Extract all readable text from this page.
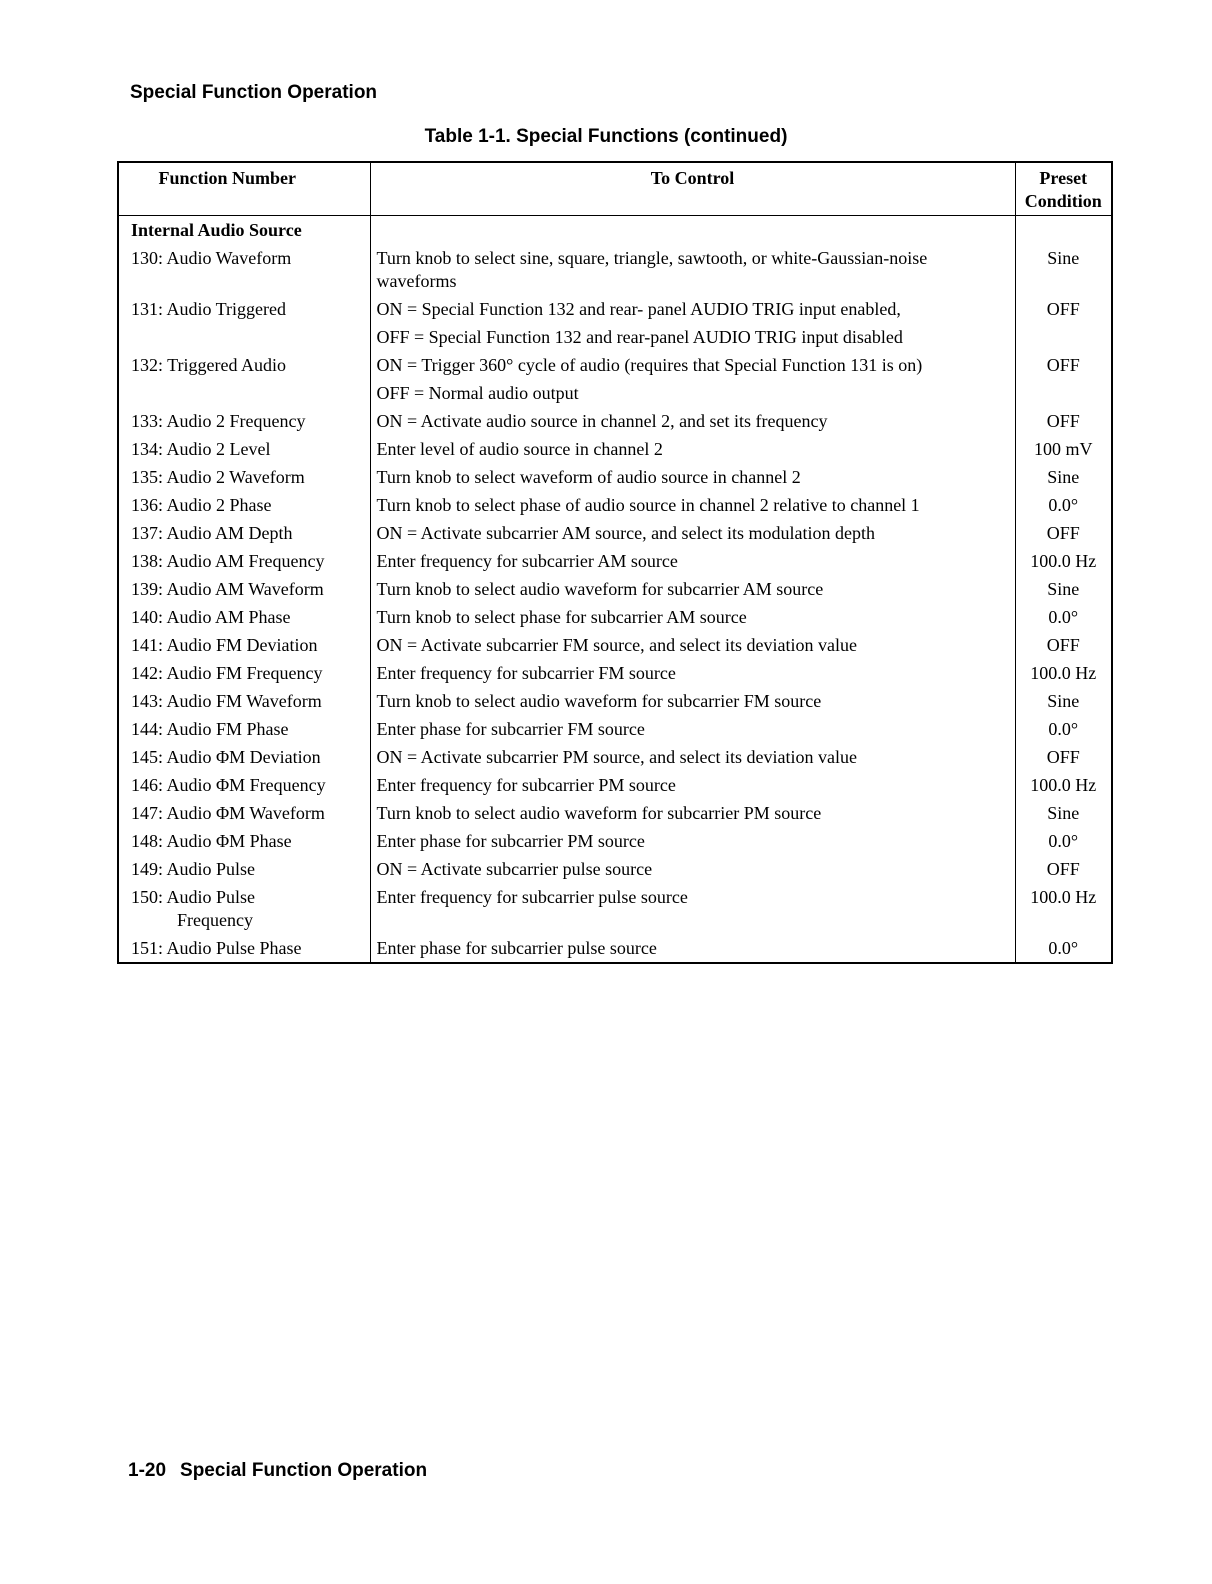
Special Function Operation
Table 1-1. Special Functions (continued)
Function Number	To Control	Preset
Condition
Internal Audio Source		
130: Audio Waveform	Turn knob to select sine, square, triangle, sawtooth, or white-Gaussian-noise waveforms	Sine
131: Audio Triggered	ON = Special Function 132 and rear- panel AUDIO TRIG input enabled,	OFF
	OFF = Special Function 132 and rear-panel AUDIO TRIG input disabled	
132: Triggered Audio	ON = Trigger 360° cycle of audio (requires that Special Function 131 is on)	OFF
	OFF = Normal audio output	
133: Audio 2 Frequency	ON = Activate audio source in channel 2, and set its frequency	OFF
134: Audio 2 Level	Enter level of audio source in channel 2	100 mV
135: Audio 2 Waveform	Turn knob to select waveform of audio source in channel 2	Sine
136: Audio 2 Phase	Turn knob to select phase of audio source in channel 2 relative to channel 1	0.0°
137: Audio AM Depth	ON = Activate subcarrier AM source, and select its modulation depth	OFF
138: Audio AM Frequency	Enter frequency for subcarrier AM source	100.0 Hz
139: Audio AM Waveform	Turn knob to select audio waveform for subcarrier AM source	Sine
140: Audio AM Phase	Turn knob to select phase for subcarrier AM source	0.0°
141: Audio FM Deviation	ON = Activate subcarrier FM source, and select its deviation value	OFF
142: Audio FM Frequency	Enter frequency for subcarrier FM source	100.0 Hz
143: Audio FM Waveform	Turn knob to select audio waveform for subcarrier FM source	Sine
144: Audio FM Phase	Enter phase for subcarrier FM source	0.0°
145: Audio ΦM Deviation	ON = Activate subcarrier PM source, and select its deviation value	OFF
146: Audio ΦM Frequency	Enter frequency for subcarrier PM source	100.0 Hz
147: Audio ΦM Waveform	Turn knob to select audio waveform for subcarrier PM source	Sine
148: Audio ΦM Phase	Enter phase for subcarrier PM source	0.0°
149: Audio Pulse	ON = Activate subcarrier pulse source	OFF
150: Audio Pulse
Frequency	Enter frequency for subcarrier pulse source	100.0 Hz
151: Audio Pulse Phase	Enter phase for subcarrier pulse source	0.0°
1-20 Special Function Operation
